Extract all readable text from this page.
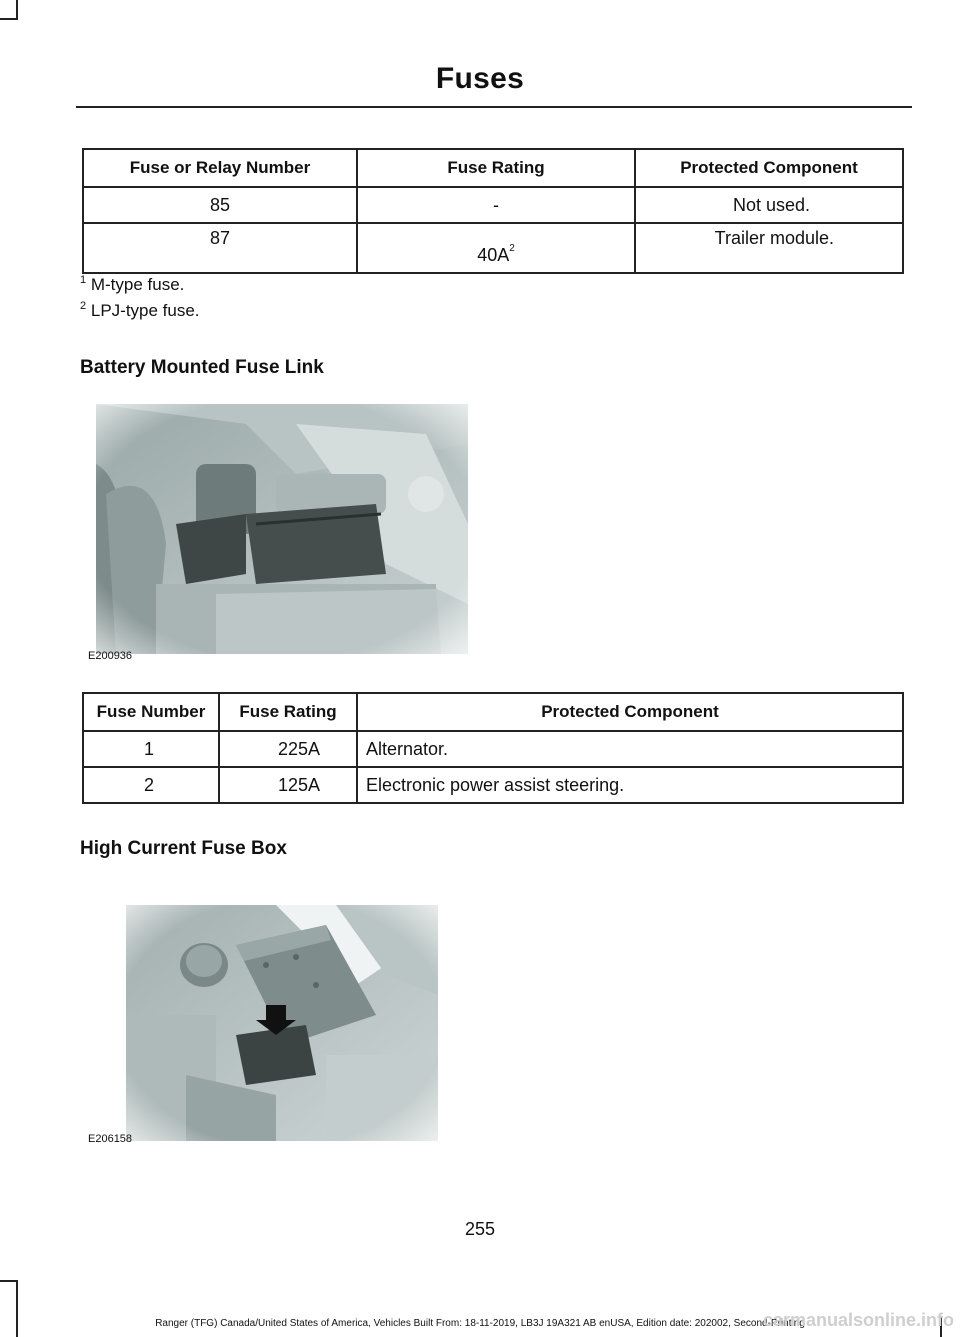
Fuses
Fuse or Relay Number	Fuse Rating	Protected Component
85	-	Not used.
87	$40A^2$	Trailer module.
$^1$ M-type fuse.
$^2$ LPJ-type fuse.
Battery Mounted Fuse Link
E200936
Fuse Number	Fuse Rating	Protected Component
1	225A	Alternator.
2	125A	Electronic power assist steering.
High Current Fuse Box
E206158
255
Ranger (TFG) Canada/United States of America, Vehicles Built From: 18-11-2019, LB3J 19A321 AB enUSA, Edition date: 202002, Second-Printing
carmanualsonline.info
